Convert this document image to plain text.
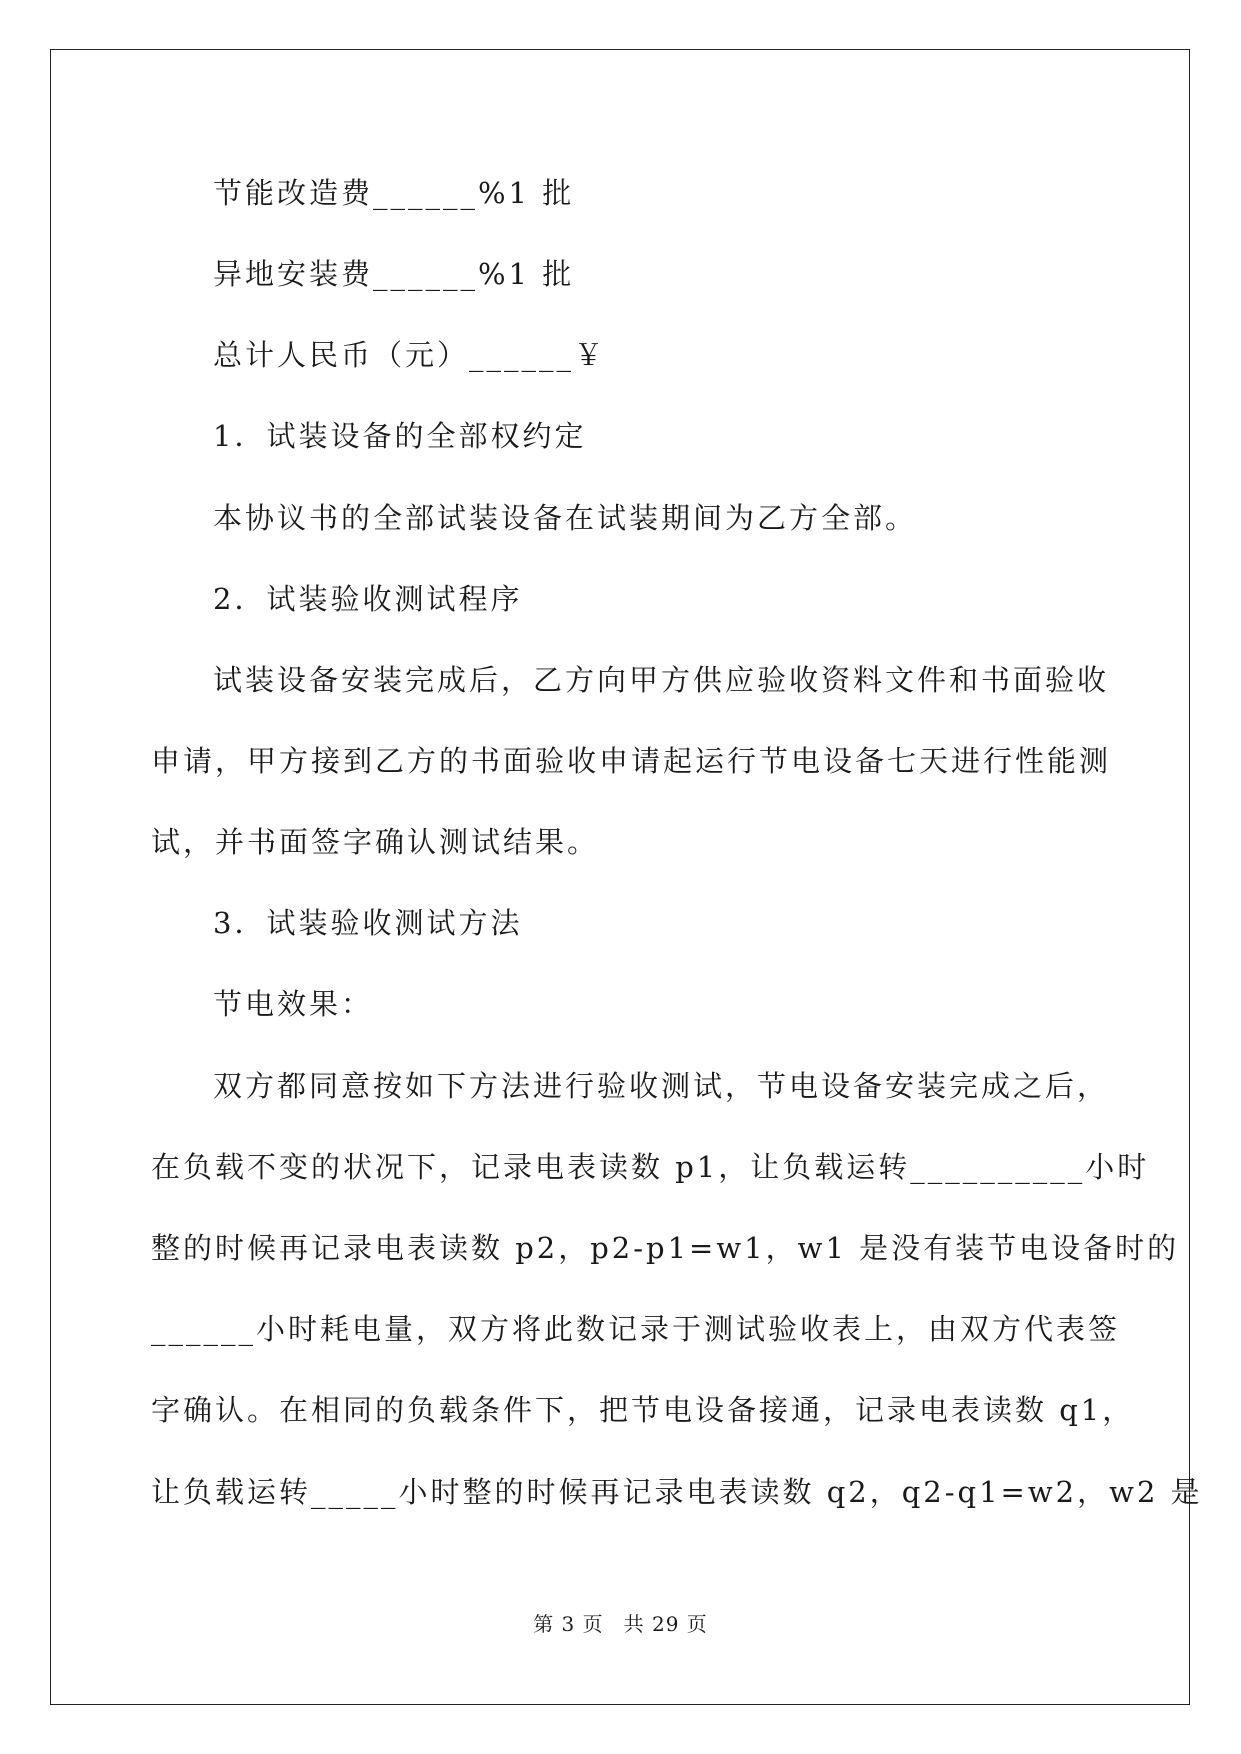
节能改造费______%1 批
异地安装费______%1 批
总计人民币（元）______￥
1．试装设备的全部权约定
本协议书的全部试装设备在试装期间为乙方全部。
2．试装验收测试程序
试装设备安装完成后，乙方向甲方供应验收资料文件和书面验收
申请，甲方接到乙方的书面验收申请起运行节电设备七天进行性能测
试，并书面签字确认测试结果。
3．试装验收测试方法
节电效果：
双方都同意按如下方法进行验收测试，节电设备安装完成之后，
在负载不变的状况下，记录电表读数 p1，让负载运转__________小时
整的时候再记录电表读数 p2，p2-p1=w1，w1 是没有装节电设备时的
______小时耗电量，双方将此数记录于测试验收表上，由双方代表签
字确认。在相同的负载条件下，把节电设备接通，记录电表读数 q1，
让负载运转_____小时整的时候再记录电表读数 q2，q2-q1=w2，w2 是
第 3 页 共 29 页
